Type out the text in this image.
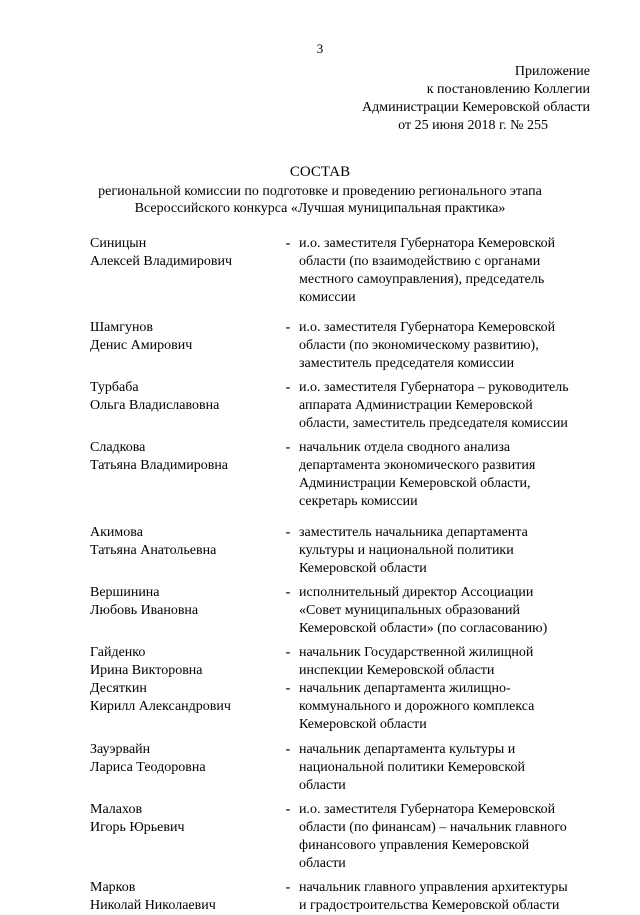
3
Приложение
к постановлению Коллегии
Администрации Кемеровской области
от 25 июня 2018 г. № 255
СОСТАВ
региональной комиссии по подготовке и проведению регионального этапа
Всероссийского конкурса «Лучшая муниципальная практика»
Синицын
Алексей Владимирович
- и.о. заместителя Губернатора Кемеровской
области (по взаимодействию с органами
местного самоуправления), председатель
комиссии
Шамгунов
Денис Амирович
- и.о. заместителя Губернатора Кемеровской
области (по экономическому развитию),
заместитель председателя комиссии
Турбаба
Ольга Владиславовна
- и.о. заместителя Губернатора – руководитель
аппарата Администрации Кемеровской
области, заместитель председателя комиссии
Сладкова
Татьяна Владимировна
- начальник отдела сводного анализа
департамента экономического развития
Администрации Кемеровской области,
секретарь комиссии
Акимова
Татьяна Анатольевна
- заместитель начальника департамента
культуры и национальной политики
Кемеровской области
Вершинина
Любовь Ивановна
- исполнительный директор Ассоциации
«Совет муниципальных образований
Кемеровской области» (по согласованию)
Гайденко
Ирина Викторовна
- начальник Государственной жилищной
инспекции Кемеровской области
Десяткин
Кирилл Александрович
- начальник департамента жилищно-
коммунального и дорожного комплекса
Кемеровской области
Зауэрвайн
Лариса Теодоровна
- начальник департамента культуры и
национальной политики Кемеровской
области
Малахов
Игорь Юрьевич
- и.о. заместителя Губернатора Кемеровской
области (по финансам) – начальник главного
финансового управления Кемеровской
области
Марков
Николай Николаевич
- начальник главного управления архитектуры
и градостроительства Кемеровской области
